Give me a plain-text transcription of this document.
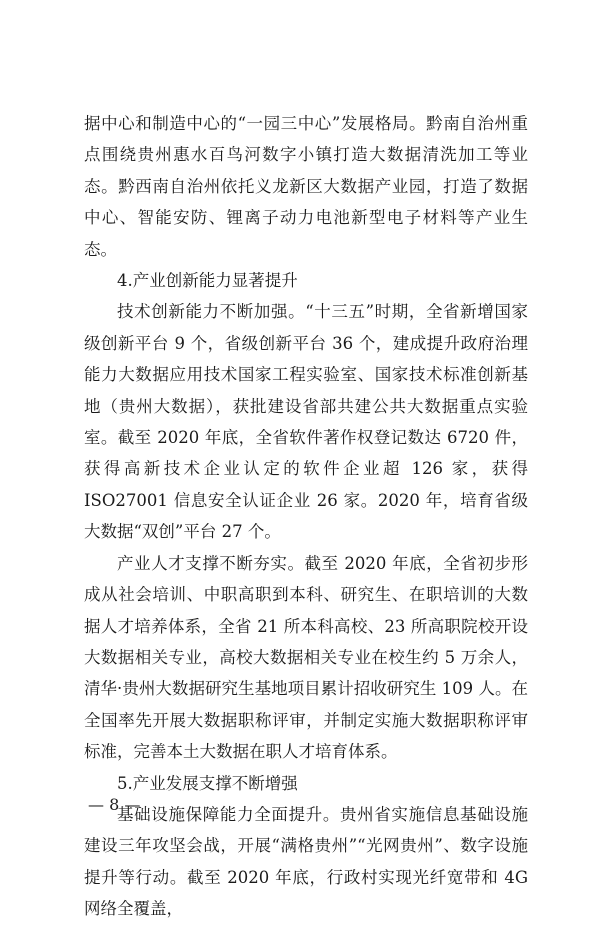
据中心和制造中心的“一园三中心”发展格局。黔南自治州重点围绕贵州惠水百鸟河数字小镇打造大数据清洗加工等业态。黔西南自治州依托义龙新区大数据产业园，打造了数据中心、智能安防、锂离子动力电池新型电子材料等产业生态。

4.产业创新能力显著提升

技术创新能力不断加强。“十三五”时期，全省新增国家级创新平台 9 个，省级创新平台 36 个，建成提升政府治理能力大数据应用技术国家工程实验室、国家技术标准创新基地（贵州大数据），获批建设省部共建公共大数据重点实验室。截至 2020 年底，全省软件著作权登记数达 6720 件，获得高新技术企业认定的软件企业超 126 家，获得 ISO27001 信息安全认证企业 26 家。2020 年，培育省级大数据“双创”平台 27 个。

产业人才支撑不断夯实。截至 2020 年底，全省初步形成从社会培训、中职高职到本科、研究生、在职培训的大数据人才培养体系，全省 21 所本科高校、23 所高职院校开设大数据相关专业，高校大数据相关专业在校生约 5 万余人，清华·贵州大数据研究生基地项目累计招收研究生 109 人。在全国率先开展大数据职称评审，并制定实施大数据职称评审标准，完善本土大数据在职人才培育体系。

5.产业发展支撑不断增强

基础设施保障能力全面提升。贵州省实施信息基础设施建设三年攻坚会战，开展“满格贵州”“光网贵州”、数字设施提升等行动。截至 2020 年底，行政村实现光纤宽带和 4G 网络全覆盖，

— 8 —
